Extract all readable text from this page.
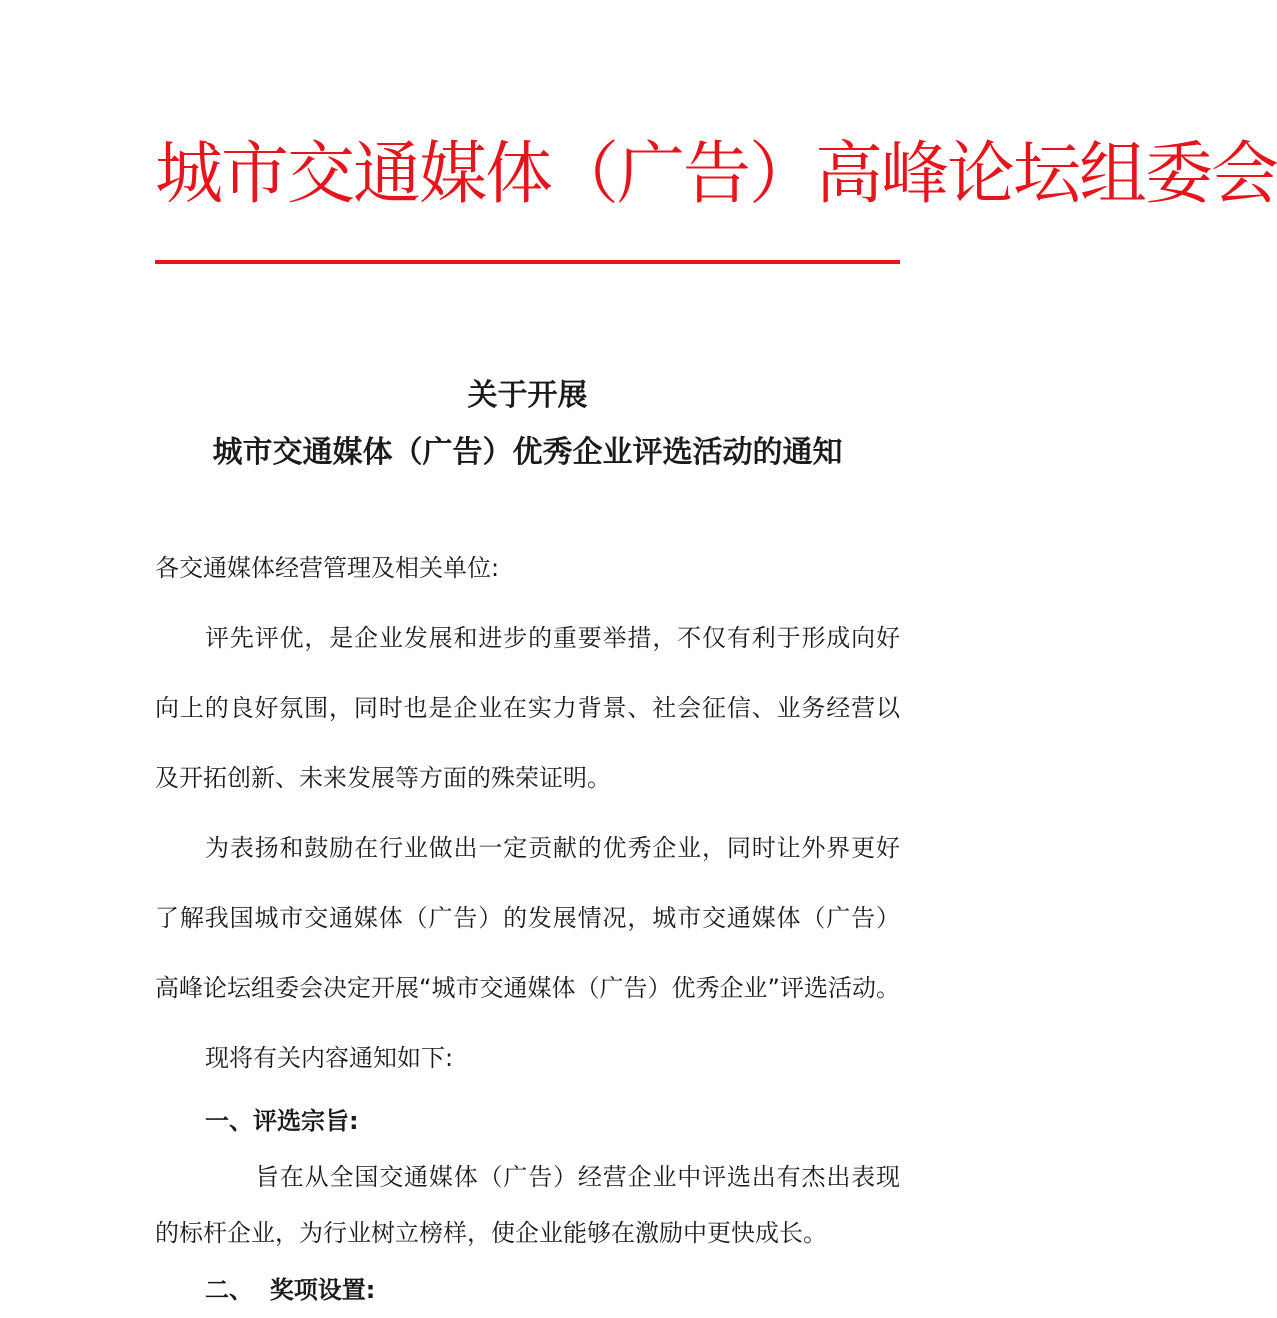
城市交通媒体（广告）高峰论坛组委会
关于开展
城市交通媒体（广告）优秀企业评选活动的通知
各交通媒体经营管理及相关单位:
评先评优，是企业发展和进步的重要举措，不仅有利于形成向好
向上的良好氛围，同时也是企业在实力背景、社会征信、业务经营以
及开拓创新、未来发展等方面的殊荣证明。
为表扬和鼓励在行业做出一定贡献的优秀企业，同时让外界更好
了解我国城市交通媒体（广告）的发展情况，城市交通媒体（广告）
高峰论坛组委会决定开展“城市交通媒体（广告）优秀企业”评选活动。
现将有关内容通知如下:
一、评选宗旨:
旨在从全国交通媒体（广告）经营企业中评选出有杰出表现
的标杆企业，为行业树立榜样，使企业能够在激励中更快成长。
二、  奖项设置:
